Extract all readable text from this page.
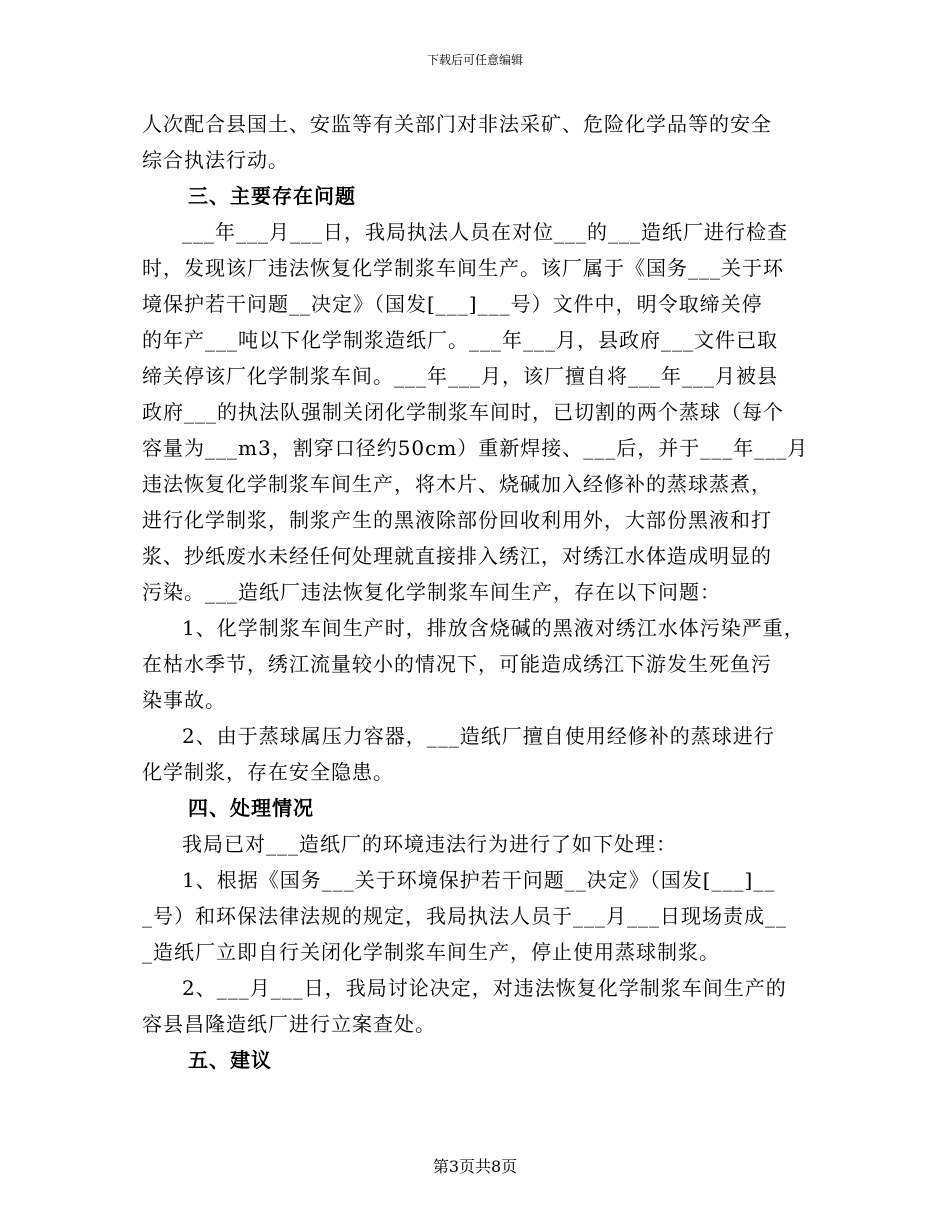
下载后可任意编辑
人次配合县国土、安监等有关部门对非法采矿、危险化学品等的安全
综合执法行动。
三、主要存在问题
___年___月___日，我局执法人员在对位___的___造纸厂进行检查
时，发现该厂违法恢复化学制浆车间生产。该厂属于《国务___关于环
境保护若干问题__决定》（国发[___]___号）文件中，明令取缔关停
的年产___吨以下化学制浆造纸厂。___年___月，县政府___文件已取
缔关停该厂化学制浆车间。___年___月，该厂擅自将___年___月被县
政府___的执法队强制关闭化学制浆车间时，已切割的两个蒸球（每个
容量为___m3，割穿口径约50cm）重新焊接、___后，并于___年___月
违法恢复化学制浆车间生产，将木片、烧碱加入经修补的蒸球蒸煮，
进行化学制浆，制浆产生的黑液除部份回收利用外，大部份黑液和打
浆、抄纸废水未经任何处理就直接排入绣江，对绣江水体造成明显的
污染。___造纸厂违法恢复化学制浆车间生产，存在以下问题：
1、化学制浆车间生产时，排放含烧碱的黑液对绣江水体污染严重，
在枯水季节，绣江流量较小的情况下，可能造成绣江下游发生死鱼污
染事故。
2、由于蒸球属压力容器，___造纸厂擅自使用经修补的蒸球进行
化学制浆，存在安全隐患。
四、处理情况
我局已对___造纸厂的环境违法行为进行了如下处理：
1、根据《国务___关于环境保护若干问题__决定》（国发[___]__
_号）和环保法律法规的规定，我局执法人员于___月___日现场责成__
_造纸厂立即自行关闭化学制浆车间生产，停止使用蒸球制浆。
2、___月___日，我局讨论决定，对违法恢复化学制浆车间生产的
容县昌隆造纸厂进行立案查处。
五、建议
第3页共8页
